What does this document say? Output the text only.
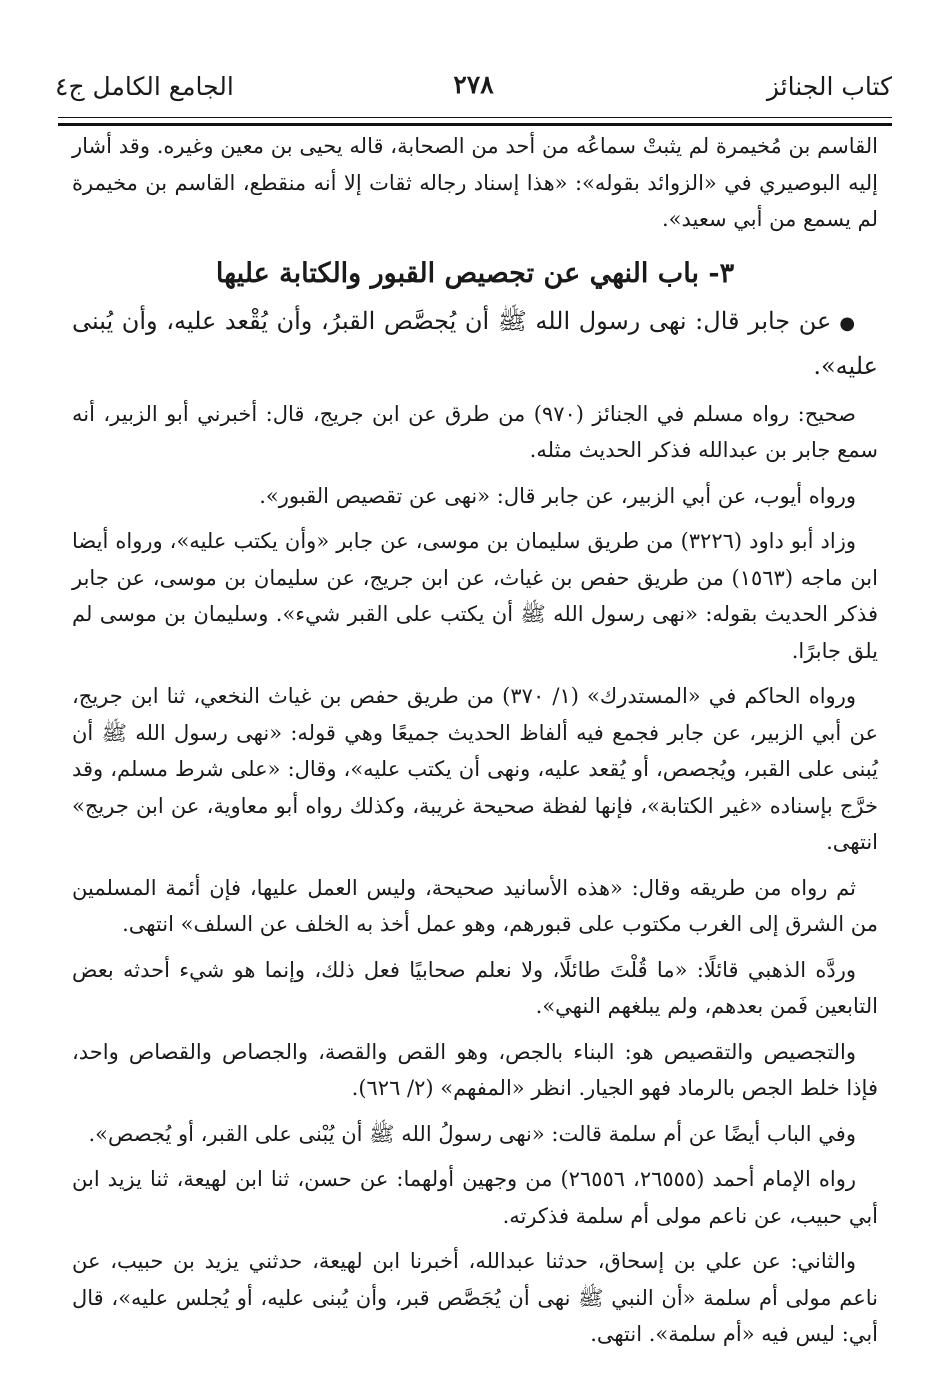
كتاب الجنائز
٢٧٨
الجامع الكامل ج٤

القاسم بن مُخيمرة لم يثبتْ سماعُه من أحد من الصحابة، قاله يحيى بن معين وغيره. وقد أشار إليه البوصيري في «الزوائد بقوله»: «هذا إسناد رجاله ثقات إلا أنه منقطع، القاسم بن مخيمرة لم يسمع من أبي سعيد».

٣- باب النهي عن تجصيص القبور والكتابة عليها

●عن جابر قال: نهى رسول الله ﷺ أن يُجصَّص القبرُ، وأن يُقْعد عليه، وأن يُبنى عليه».

صحيح: رواه مسلم في الجنائز (٩٧٠) من طرق عن ابن جريج، قال: أخبرني أبو الزبير، أنه سمع جابر بن عبدالله فذكر الحديث مثله.

ورواه أيوب، عن أبي الزبير، عن جابر قال: «نهى عن تقصيص القبور».

وزاد أبو داود (٣٢٢٦) من طريق سليمان بن موسى، عن جابر «وأن يكتب عليه»، ورواه أيضا ابن ماجه (١٥٦٣) من طريق حفص بن غياث، عن ابن جريج، عن سليمان بن موسى، عن جابر فذكر الحديث بقوله: «نهى رسول الله ﷺ أن يكتب على القبر شيء». وسليمان بن موسى لم يلق جابرًا.

ورواه الحاكم في «المستدرك» (١/ ٣٧٠) من طريق حفص بن غياث النخعي، ثنا ابن جريج، عن أبي الزبير، عن جابر فجمع فيه ألفاظ الحديث جميعًا وهي قوله: «نهى رسول الله ﷺ أن يُبنى على القبر، ويُجصص، أو يُقعد عليه، ونهى أن يكتب عليه»، وقال: «على شرط مسلم، وقد خرَّج بإسناده «غير الكتابة»، فإنها لفظة صحيحة غريبة، وكذلك رواه أبو معاوية، عن ابن جريج» انتهى.

ثم رواه من طريقه وقال: «هذه الأسانيد صحيحة، وليس العمل عليها، فإن أئمة المسلمين من الشرق إلى الغرب مكتوب على قبورهم، وهو عمل أخذ به الخلف عن السلف» انتهى.

وردَّه الذهبي قائلًا: «ما قُلْتَ طائلًا، ولا نعلم صحابيًا فعل ذلك، وإنما هو شيء أحدثه بعض التابعين فَمن بعدهم، ولم يبلغهم النهي».

والتجصيص والتقصيص هو: البناء بالجص، وهو القص والقصة، والجصاص والقصاص واحد، فإذا خلط الجص بالرماد فهو الجيار. انظر «المفهم» (٢/ ٦٢٦).

وفي الباب أيضًا عن أم سلمة قالت: «نهى رسولُ الله ﷺ أن يُبْنى على القبر، أو يُجصص».

رواه الإمام أحمد (٢٦٥٥٥، ٢٦٥٥٦) من وجهين أولهما: عن حسن، ثنا ابن لهيعة، ثنا يزيد ابن أبي حبيب، عن ناعم مولى أم سلمة فذكرته.

والثاني: عن علي بن إسحاق، حدثنا عبدالله، أخبرنا ابن لهيعة، حدثني يزيد بن حبيب، عن ناعم مولى أم سلمة «أن النبي ﷺ نهى أن يُجَصَّص قبر، وأن يُبنى عليه، أو يُجلس عليه»، قال أبي: ليس فيه «أم سلمة». انتهى.
